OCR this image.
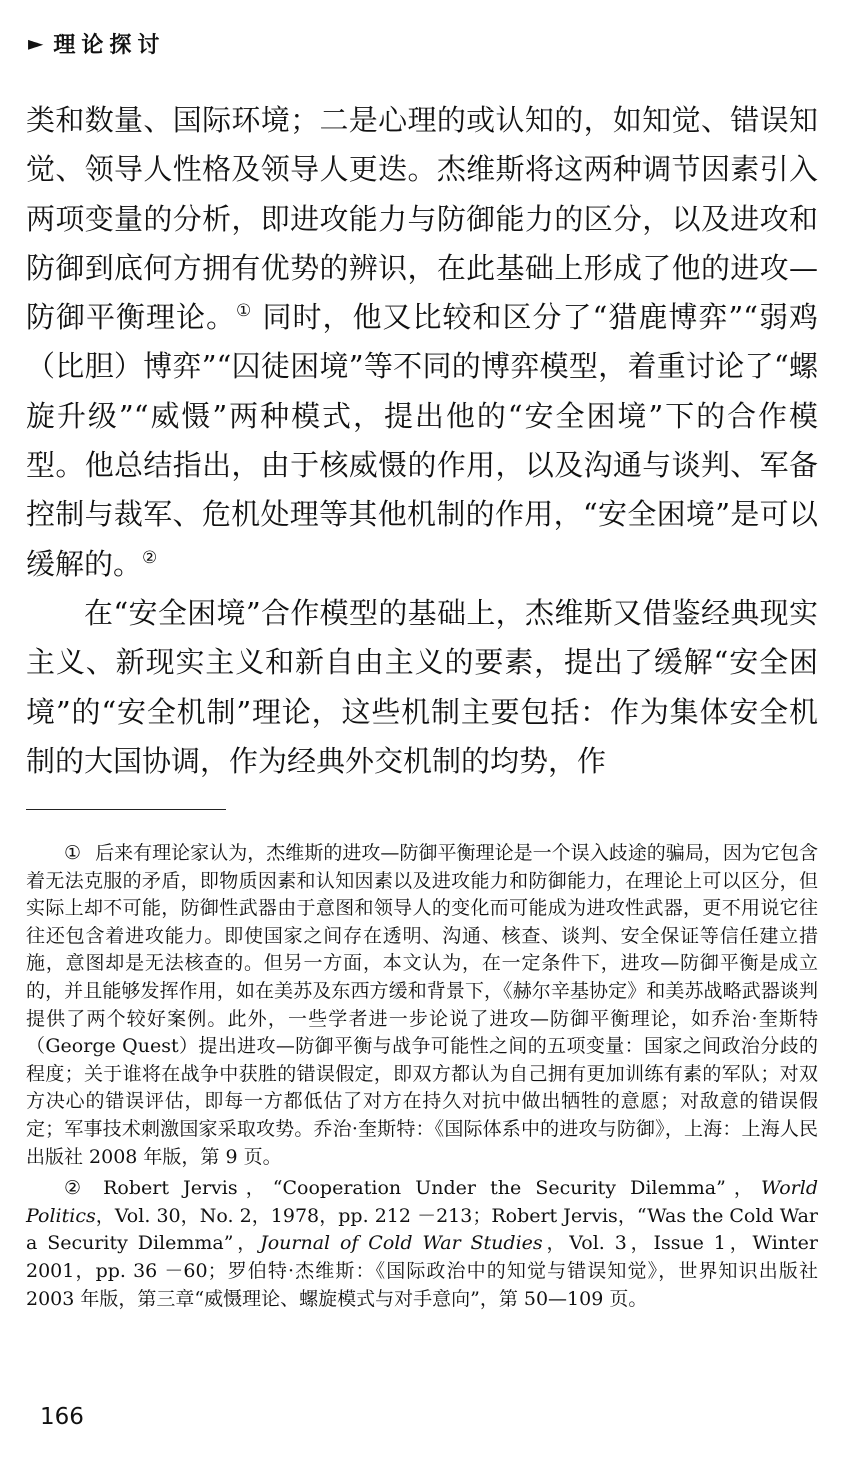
► 理论探讨

类和数量、国际环境；二是心理的或认知的，如知觉、错误知觉、领导人性格及领导人更迭。杰维斯将这两种调节因素引入两项变量的分析，即进攻能力与防御能力的区分，以及进攻和防御到底何方拥有优势的辨识，在此基础上形成了他的进攻—防御平衡理论。① 同时，他又比较和区分了“猎鹿博弈”“弱鸡（比胆）博弈”“囚徒困境”等不同的博弈模型，着重讨论了“螺旋升级”“威慑”两种模式，提出他的“安全困境”下的合作模型。他总结指出，由于核威慑的作用，以及沟通与谈判、军备控制与裁军、危机处理等其他机制的作用，“安全困境”是可以缓解的。②

在“安全困境”合作模型的基础上，杰维斯又借鉴经典现实主义、新现实主义和新自由主义的要素，提出了缓解“安全困境”的“安全机制”理论，这些机制主要包括：作为集体安全机制的大国协调，作为经典外交机制的均势，作

① 后来有理论家认为，杰维斯的进攻—防御平衡理论是一个误入歧途的骗局，因为它包含着无法克服的矛盾，即物质因素和认知因素以及进攻能力和防御能力，在理论上可以区分，但实际上却不可能，防御性武器由于意图和领导人的变化而可能成为进攻性武器，更不用说它往往还包含着进攻能力。即使国家之间存在透明、沟通、核查、谈判、安全保证等信任建立措施，意图却是无法核查的。但另一方面，本文认为，在一定条件下，进攻—防御平衡是成立的，并且能够发挥作用，如在美苏及东西方缓和背景下，《赫尔辛基协定》和美苏战略武器谈判提供了两个较好案例。此外，一些学者进一步论说了进攻—防御平衡理论，如乔治·奎斯特（George Quest）提出进攻—防御平衡与战争可能性之间的五项变量：国家之间政治分歧的程度；关于谁将在战争中获胜的错误假定，即双方都认为自己拥有更加训练有素的军队；对双方决心的错误评估，即每一方都低估了对方在持久对抗中做出牺牲的意愿；对敌意的错误假定；军事技术刺激国家采取攻势。乔治·奎斯特：《国际体系中的进攻与防御》，上海：上海人民出版社 2008 年版，第 9 页。

② Robert Jervis，“Cooperation Under the Security Dilemma”，World Politics，Vol. 30，No. 2，1978，pp. 212 －213；Robert Jervis，“Was the Cold War a Security Dilemma”，Journal of Cold War Studies，Vol. 3，Issue 1，Winter 2001，pp. 36 －60；罗伯特·杰维斯：《国际政治中的知觉与错误知觉》，世界知识出版社 2003 年版，第三章“威慑理论、螺旋模式与对手意向”，第 50—109 页。

166
